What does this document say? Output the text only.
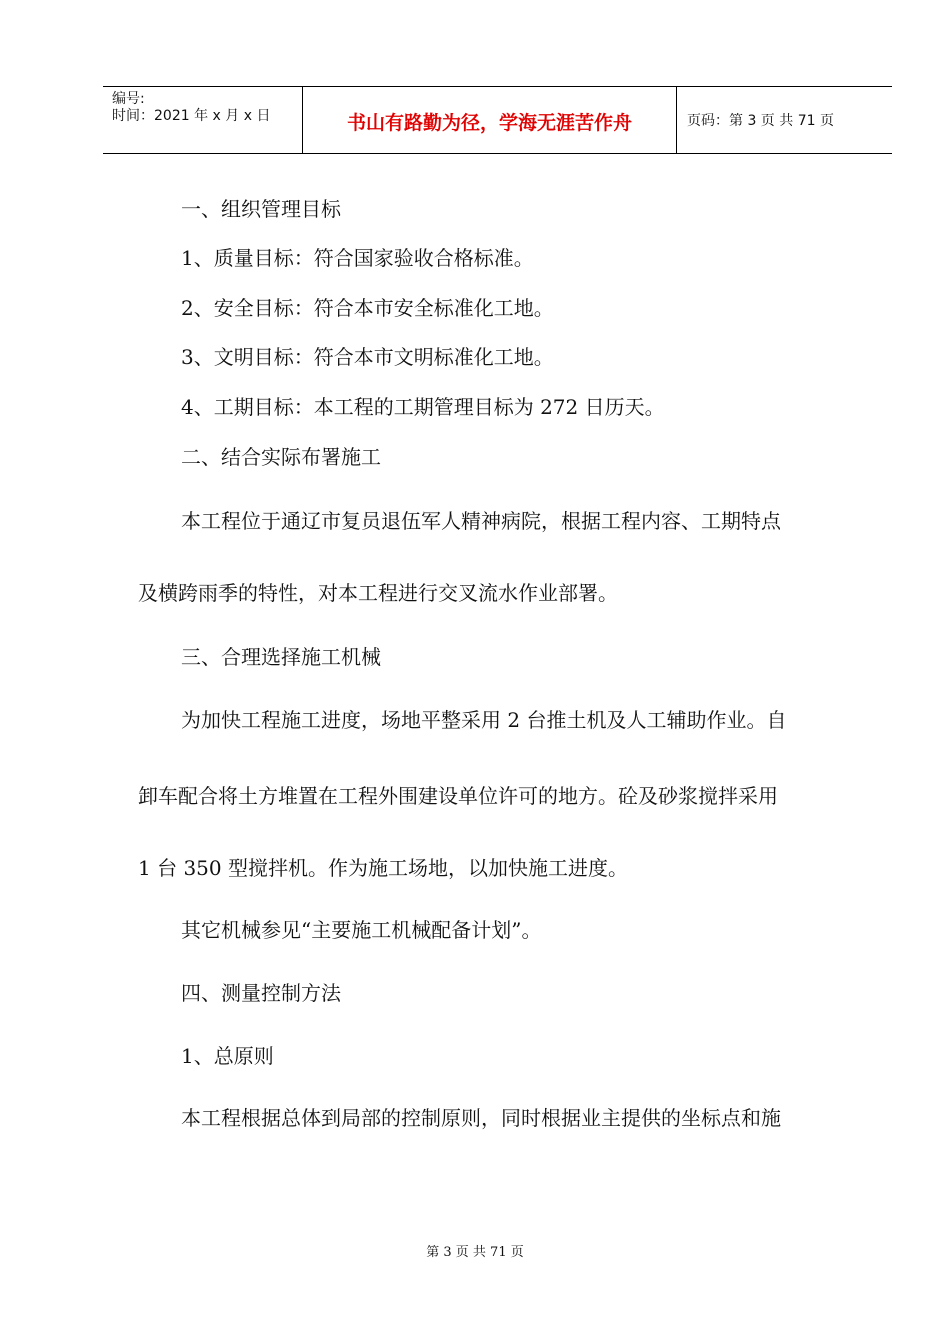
编号:
时间：2021 年 x 月 x 日	书山有路勤为径，学海无涯苦作舟	页码：第 3 页 共 71 页
一、组织管理目标
1、质量目标：符合国家验收合格标准。
2、安全目标：符合本市安全标准化工地。
3、文明目标：符合本市文明标准化工地。
4、工期目标：本工程的工期管理目标为 272 日历天。
二、结合实际布署施工
本工程位于通辽市复员退伍军人精神病院，根据工程内容、工期特点
及横跨雨季的特性，对本工程进行交叉流水作业部署。
三、合理选择施工机械
为加快工程施工进度，场地平整采用 2 台推土机及人工辅助作业。自
卸车配合将土方堆置在工程外围建设单位许可的地方。砼及砂浆搅拌采用
1 台 350 型搅拌机。作为施工场地，以加快施工进度。
其它机械参见“主要施工机械配备计划”。
四、测量控制方法
1、总原则
本工程根据总体到局部的控制原则，同时根据业主提供的坐标点和施
第 3 页 共 71 页
